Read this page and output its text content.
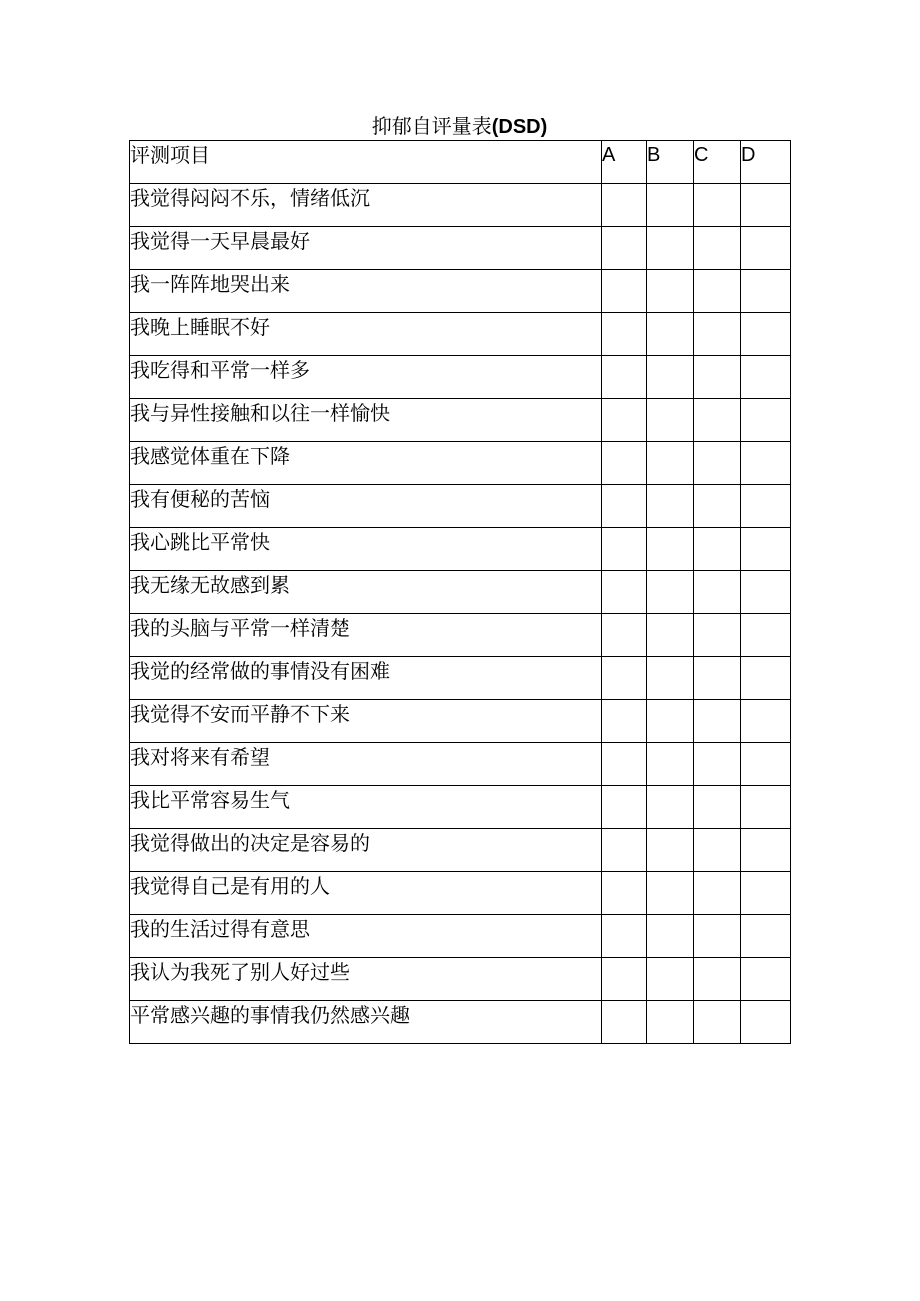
抑郁自评量表(DSD)
评测项目	A	B	C	D
我觉得闷闷不乐，情绪低沉				
我觉得一天早晨最好				
我一阵阵地哭出来				
我晚上睡眠不好				
我吃得和平常一样多				
我与异性接触和以往一样愉快				
我感觉体重在下降				
我有便秘的苦恼				
我心跳比平常快				
我无缘无故感到累				
我的头脑与平常一样清楚				
我觉的经常做的事情没有困难				
我觉得不安而平静不下来				
我对将来有希望				
我比平常容易生气				
我觉得做出的决定是容易的				
我觉得自己是有用的人				
我的生活过得有意思				
我认为我死了别人好过些				
平常感兴趣的事情我仍然感兴趣				
